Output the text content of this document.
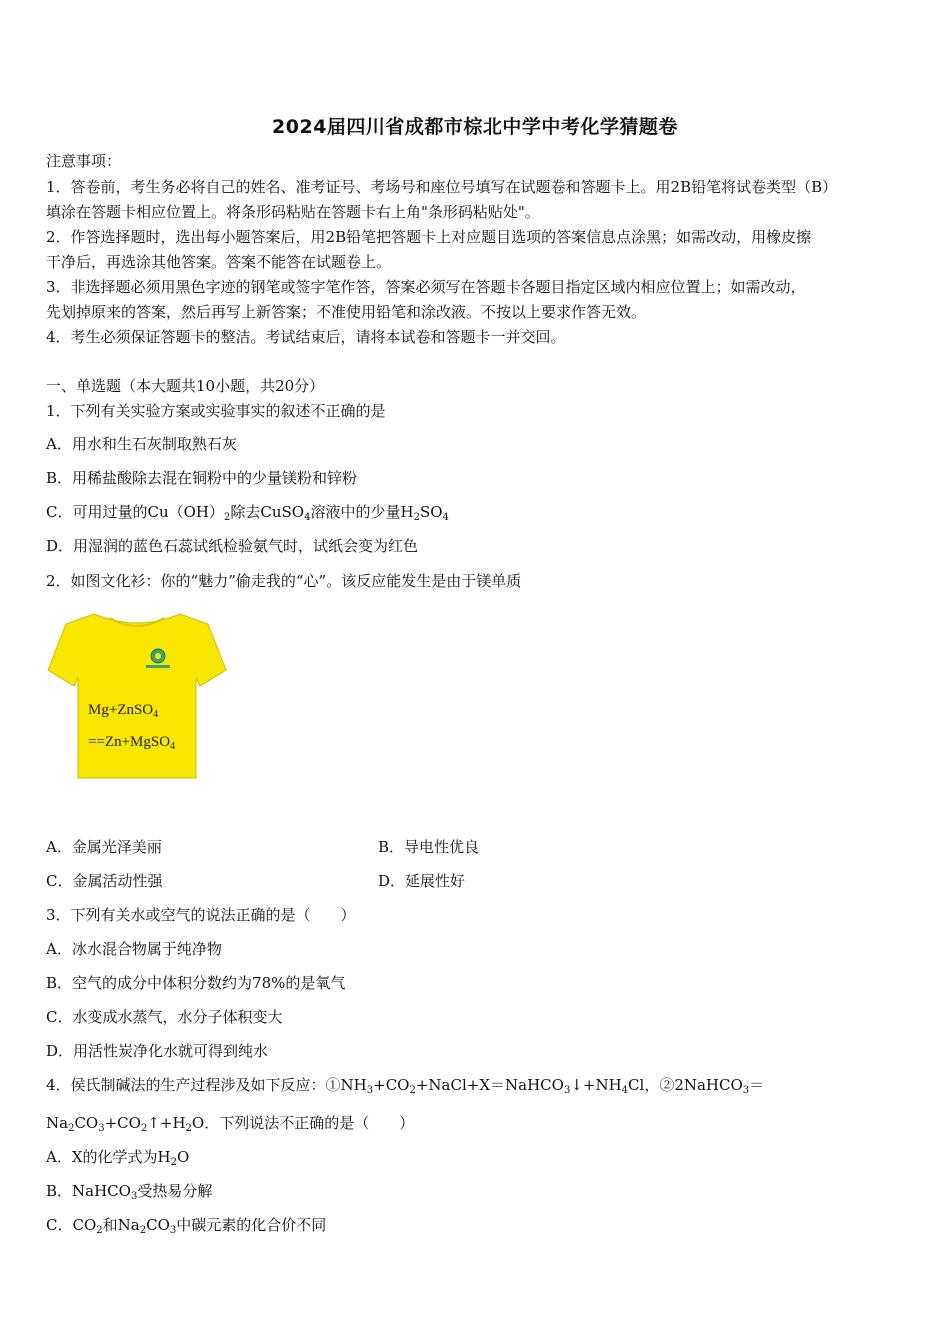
2024届四川省成都市棕北中学中考化学猜题卷
注意事项：
1．答卷前，考生务必将自己的姓名、准考证号、考场号和座位号填写在试题卷和答题卡上。用2B铅笔将试卷类型（B）
填涂在答题卡相应位置上。将条形码粘贴在答题卡右上角"条形码粘贴处"。
2．作答选择题时，选出每小题答案后，用2B铅笔把答题卡上对应题目选项的答案信息点涂黑；如需改动，用橡皮擦
干净后，再选涂其他答案。答案不能答在试题卷上。
3．非选择题必须用黑色字迹的钢笔或签字笔作答，答案必须写在答题卡各题目指定区域内相应位置上；如需改动，
先划掉原来的答案，然后再写上新答案；不准使用铅笔和涂改液。不按以上要求作答无效。
4．考生必须保证答题卡的整洁。考试结束后，请将本试卷和答题卡一并交回。
一、单选题（本大题共10小题，共20分）
1．下列有关实验方案或实验事实的叙述不正确的是
A．用水和生石灰制取熟石灰
B．用稀盐酸除去混在铜粉中的少量镁粉和锌粉
C．可用过量的$Cu(OH)_2$除去CuSO$_4$溶液中的少量$H_2SO_4$
D．用湿润的蓝色石蕊试纸检验氨气时，试纸会变为红色
2．如图文化衫：你的“魅力”偷走我的“心”。该反应能发生是由于镁单质
Mg+ZnSO$_4$
==Zn+MgSO$_4$
A．金属光泽美丽	B．导电性优良
C．金属活动性强	D．延展性好
3．下列有关水或空气的说法正确的是（　　）
A．冰水混合物属于纯净物
B．空气的成分中体积分数约为78%的是氧气
C．水变成水蒸气，水分子体积变大
D．用活性炭净化水就可得到纯水
4．侯氏制碱法的生产过程涉及如下反应：$①NH_3+CO_2+NaCl+X=NaHCO_3↓+NH_4Cl$，②2NaHCO$_3$＝
$Na_2CO_3+CO_2↑+H_2O$．下列说法不正确的是（　　）
A．X的化学式为$H_2O$
B．NaHCO$_3$受热易分解
C．$CO_2$和$Na_2CO_3$中碳元素的化合价不同
